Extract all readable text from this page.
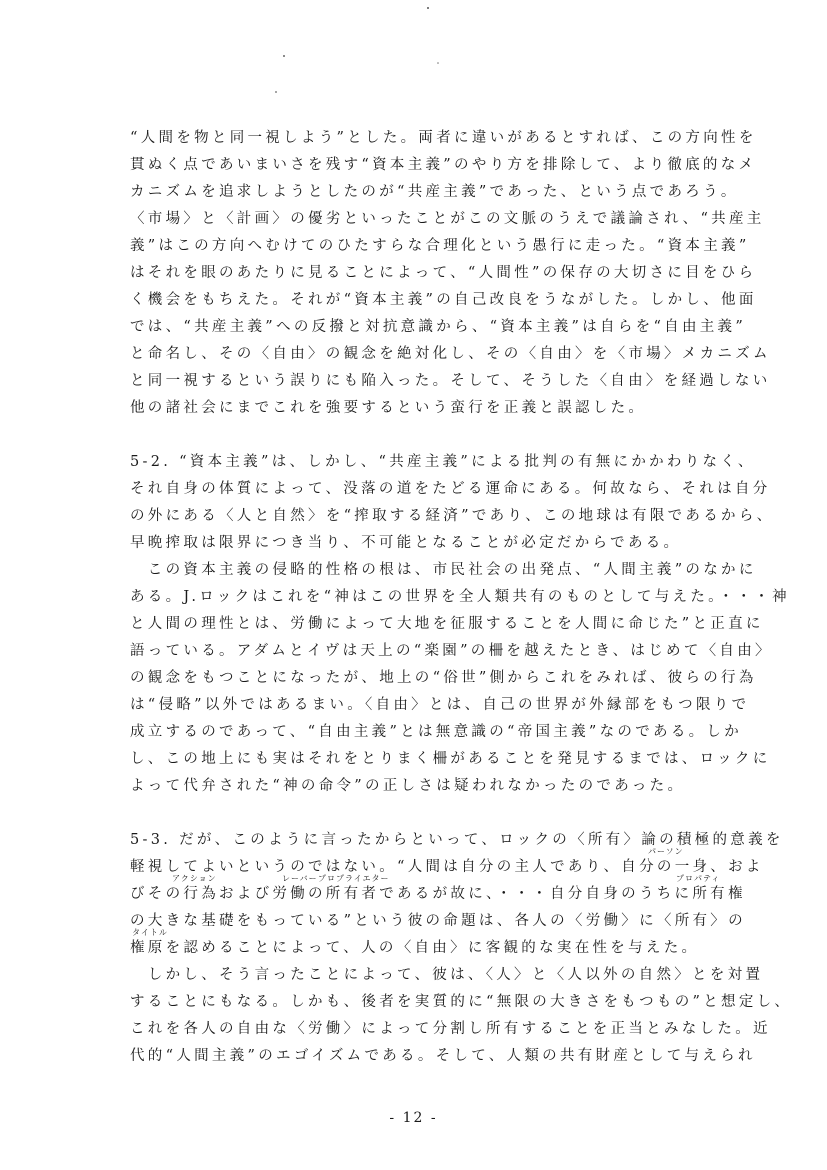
“人間を物と同一視しよう”とした。両者に違いがあるとすれば、この方向性を
貫ぬく点であいまいさを残す“資本主義”のやり方を排除して、より徹底的なメ
カニズムを追求しようとしたのが“共産主義”であった、という点であろう。
〈市場〉と〈計画〉の優劣といったことがこの文脈のうえで議論され、“共産主
義”はこの方向へむけてのひたすらな合理化という愚行に走った。“資本主義”
はそれを眼のあたりに見ることによって、“人間性”の保存の大切さに目をひら
く機会をもちえた。それが“資本主義”の自己改良をうながした。しかし、他面
では、“共産主義”への反撥と対抗意識から、“資本主義”は自らを“自由主義”
と命名し、その〈自由〉の観念を絶対化し、その〈自由〉を〈市場〉メカニズム
と同一視するという誤りにも陥入った。そして、そうした〈自由〉を経過しない
他の諸社会にまでこれを強要するという蛮行を正義と誤認した。
5-2. “資本主義”は、しかし、“共産主義”による批判の有無にかかわりなく、
それ自身の体質によって、没落の道をたどる運命にある。何故なら、それは自分
の外にある〈人と自然〉を“搾取する経済”であり、この地球は有限であるから、
早晩搾取は限界につき当り、不可能となることが必定だからである。
　この資本主義の侵略的性格の根は、市民社会の出発点、“人間主義”のなかに
ある。J.ロックはこれを“神はこの世界を全人類共有のものとして与えた。・・・神
と人間の理性とは、労働によって大地を征服することを人間に命じた”と正直に
語っている。アダムとイヴは天上の“楽園”の柵を越えたとき、はじめて〈自由〉
の観念をもつことになったが、地上の“俗世”側からこれをみれば、彼らの行為
は“侵略”以外ではあるまい。〈自由〉とは、自己の世界が外縁部をもつ限りで
成立するのであって、“自由主義”とは無意識の“帝国主義”なのである。しか
し、この地上にも実はそれをとりまく柵があることを発見するまでは、ロックに
よって代弁された“神の命令”の正しさは疑われなかったのであった。
5-3. だが、このように言ったからといって、ロックの〈所有〉論の積極的意義を
軽視してよいというのではない。“人間は自分の主人であり、自分の一身、およ
びその行為および労働の所有者であるが故に、・・・自分自身のうちに所有権
の大きな基礎をもっている”という彼の命題は、各人の〈労働〉に〈所有〉の
権原を認めることによって、人の〈自由〉に客観的な実在性を与えた。
　しかし、そう言ったことによって、彼は、〈人〉と〈人以外の自然〉とを対置
することにもなる。しかも、後者を実質的に“無限の大きさをもつもの”と想定し、
これを各人の自由な〈労働〉によって分割し所有することを正当とみなした。近
代的“人間主義”のエゴイズムである。そして、人類の共有財産として与えられ
パーソン
アクション	レーバー プロプライエター	プロパティ
タイトル
- 12 -
